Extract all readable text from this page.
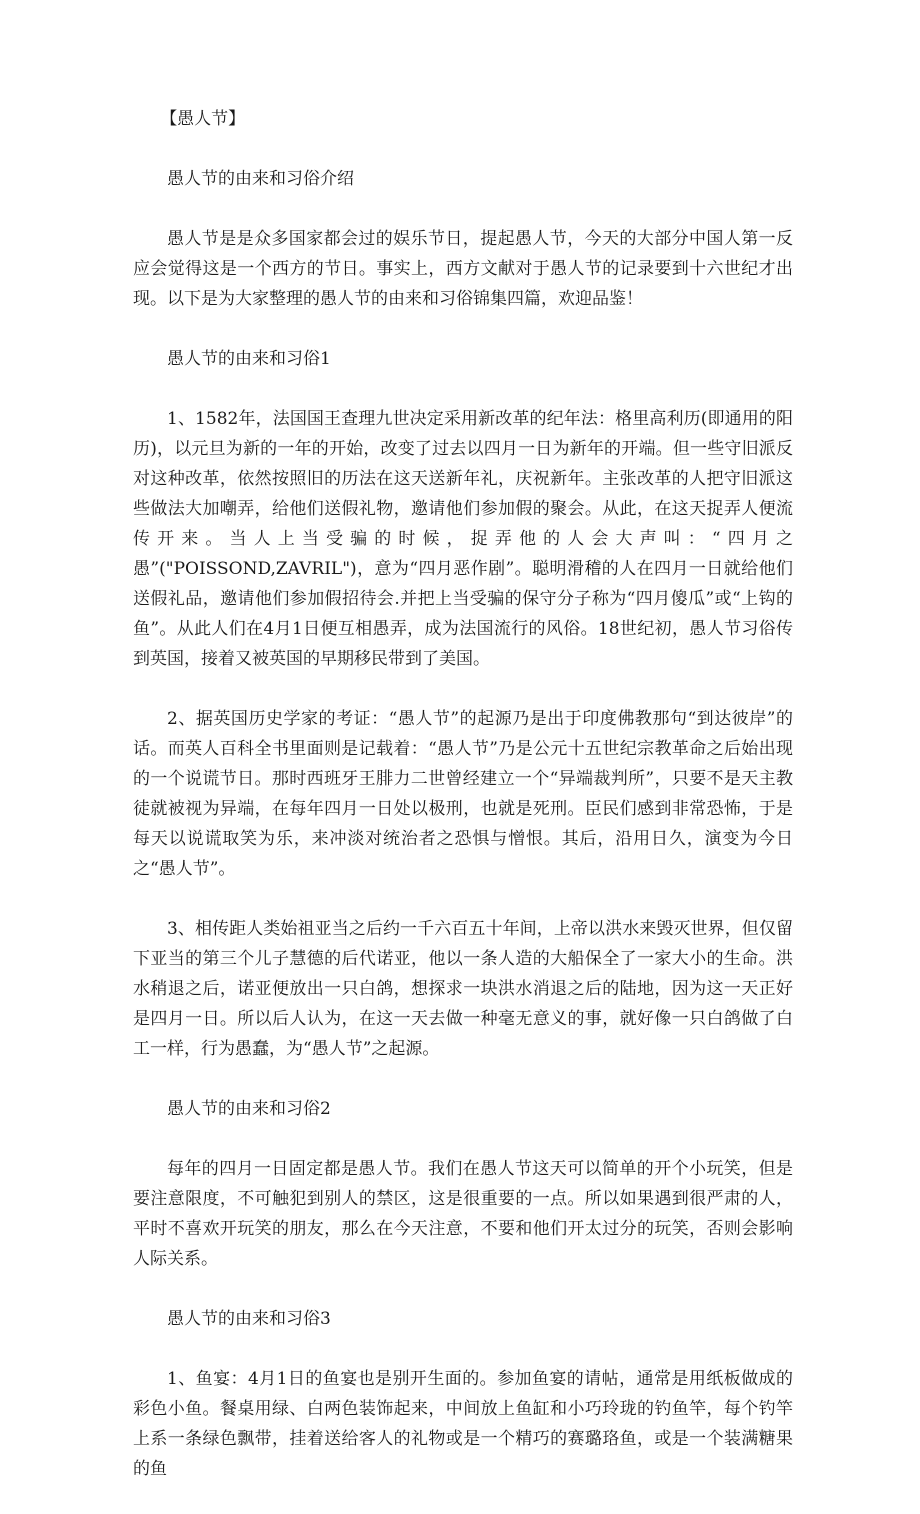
【愚人节】

愚人节的由来和习俗介绍

愚人节是是众多国家都会过的娱乐节日，提起愚人节，今天的大部分中国人第一反应会觉得这是一个西方的节日。事实上，西方文献对于愚人节的记录要到十六世纪才出现。以下是为大家整理的愚人节的由来和习俗锦集四篇，欢迎品鉴！

愚人节的由来和习俗1

1、1582年，法国国王查理九世决定采用新改革的纪年法：格里高利历(即通用的阳历)，以元旦为新的一年的开始，改变了过去以四月一日为新年的开端。但一些守旧派反对这种改革，依然按照旧的历法在这天送新年礼，庆祝新年。主张改革的人把守旧派这些做法大加嘲弄，给他们送假礼物，邀请他们参加假的聚会。从此，在这天捉弄人便流传开来。当人上当受骗的时候，捉弄他的人会大声叫：“四月之愚”("POISSOND,ZAVRIL")，意为“四月恶作剧”。聪明滑稽的人在四月一日就给他们送假礼品，邀请他们参加假招待会.并把上当受骗的保守分子称为“四月傻瓜”或“上钩的鱼”。从此人们在4月1日便互相愚弄，成为法国流行的风俗。18世纪初，愚人节习俗传到英国，接着又被英国的早期移民带到了美国。

2、据英国历史学家的考证：“愚人节”的起源乃是出于印度佛教那句“到达彼岸”的话。而英人百科全书里面则是记载着：“愚人节”乃是公元十五世纪宗教革命之后始出现的一个说谎节日。那时西班牙王腓力二世曾经建立一个“异端裁判所”，只要不是天主教徒就被视为异端，在每年四月一日处以极刑，也就是死刑。臣民们感到非常恐怖，于是每天以说谎取笑为乐，来冲淡对统治者之恐惧与憎恨。其后，沿用日久，演变为今日之“愚人节”。

3、相传距人类始祖亚当之后约一千六百五十年间，上帝以洪水来毁灭世界，但仅留下亚当的第三个儿子慧德的后代诺亚，他以一条人造的大船保全了一家大小的生命。洪水稍退之后，诺亚便放出一只白鸽，想探求一块洪水消退之后的陆地，因为这一天正好是四月一日。所以后人认为，在这一天去做一种毫无意义的事，就好像一只白鸽做了白工一样，行为愚蠢，为“愚人节”之起源。

愚人节的由来和习俗2

每年的四月一日固定都是愚人节。我们在愚人节这天可以简单的开个小玩笑，但是要注意限度，不可触犯到别人的禁区，这是很重要的一点。所以如果遇到很严肃的人，平时不喜欢开玩笑的朋友，那么在今天注意，不要和他们开太过分的玩笑，否则会影响人际关系。

愚人节的由来和习俗3

1、鱼宴：4月1日的鱼宴也是别开生面的。参加鱼宴的请帖，通常是用纸板做成的彩色小鱼。餐桌用绿、白两色装饰起来，中间放上鱼缸和小巧玲珑的钓鱼竿，每个钓竿上系一条绿色飘带，挂着送给客人的礼物或是一个精巧的赛璐珞鱼，或是一个装满糖果的鱼
